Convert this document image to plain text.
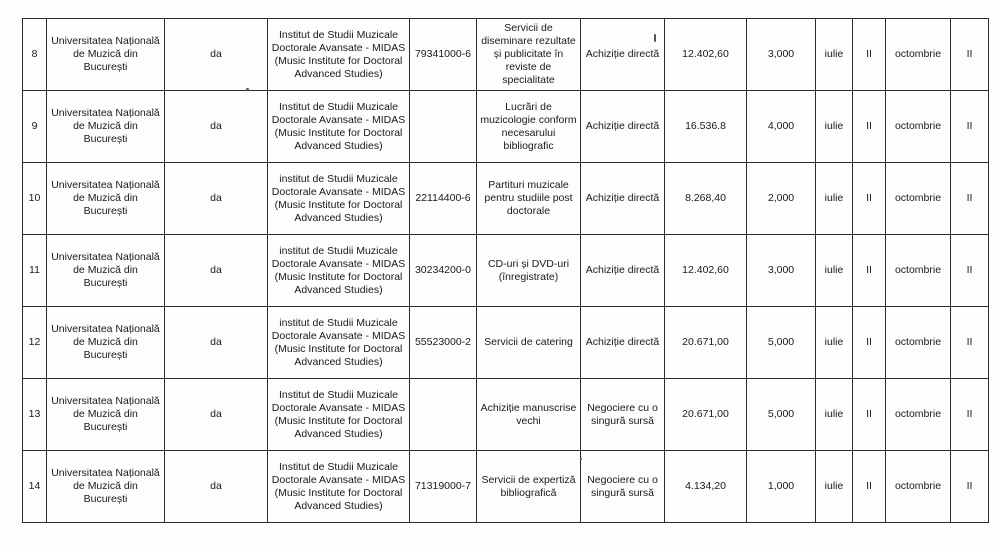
8	Universitatea Națională de Muzică din București	da	Institut de Studii Muzicale Doctorale Avansate - MIDAS (Music Institute for Doctoral Advanced Studies)	79341000-6	Servicii de diseminare rezultate și publicitate în reviste de specialitate	Achiziție directă	12.402,60	3,000	iulie	II	octombrie	II
9	Universitatea Națională de Muzică din București	da	Institut de Studii Muzicale Doctorale Avansate - MIDAS (Music Institute for Doctoral Advanced Studies)		Lucrări de muzicologie conform necesarului bibliografic	Achiziție directă	16.536.8	4,000	iulie	II	octombrie	II
10	Universitatea Națională de Muzică din București	da	institut de Studii Muzicale Doctorale Avansate - MIDAS (Music Institute for Doctoral Advanced Studies)	22114400-6	Partituri muzicale pentru studiile post doctorale	Achiziție directă	8.268,40	2,000	iulie	II	octombrie	II
11	Universitatea Națională de Muzică din București	da	institut de Studii Muzicale Doctorale Avansate - MIDAS (Music Institute for Doctoral Advanced Studies)	30234200-0	CD-uri și DVD-uri (înregistrate)	Achiziție directă	12.402,60	3,000	iulie	II	octombrie	II
12	Universitatea Națională de Muzică din București	da	institut de Studii Muzicale Doctorale Avansate - MIDAS (Music Institute for Doctoral Advanced Studies)	55523000-2	Servicii de catering	Achiziție directă	20.671,00	5,000	iulie	II	octombrie	II
13	Universitatea Națională de Muzică din București	da	Institut de Studii Muzicale Doctorale Avansate - MIDAS (Music Institute for Doctoral Advanced Studies)		Achiziție manuscrise vechi	Negociere cu o singură sursă	20.671,00	5,000	iulie	II	octombrie	II
14	Universitatea Națională de Muzică din București	da	Institut de Studii Muzicale Doctorale Avansate - MIDAS (Music Institute for Doctoral Advanced Studies)	71319000-7	Servicii de expertiză bibliografică	Negociere cu o singură sursă	4.134,20	1,000	iulie	II	octombrie	II
